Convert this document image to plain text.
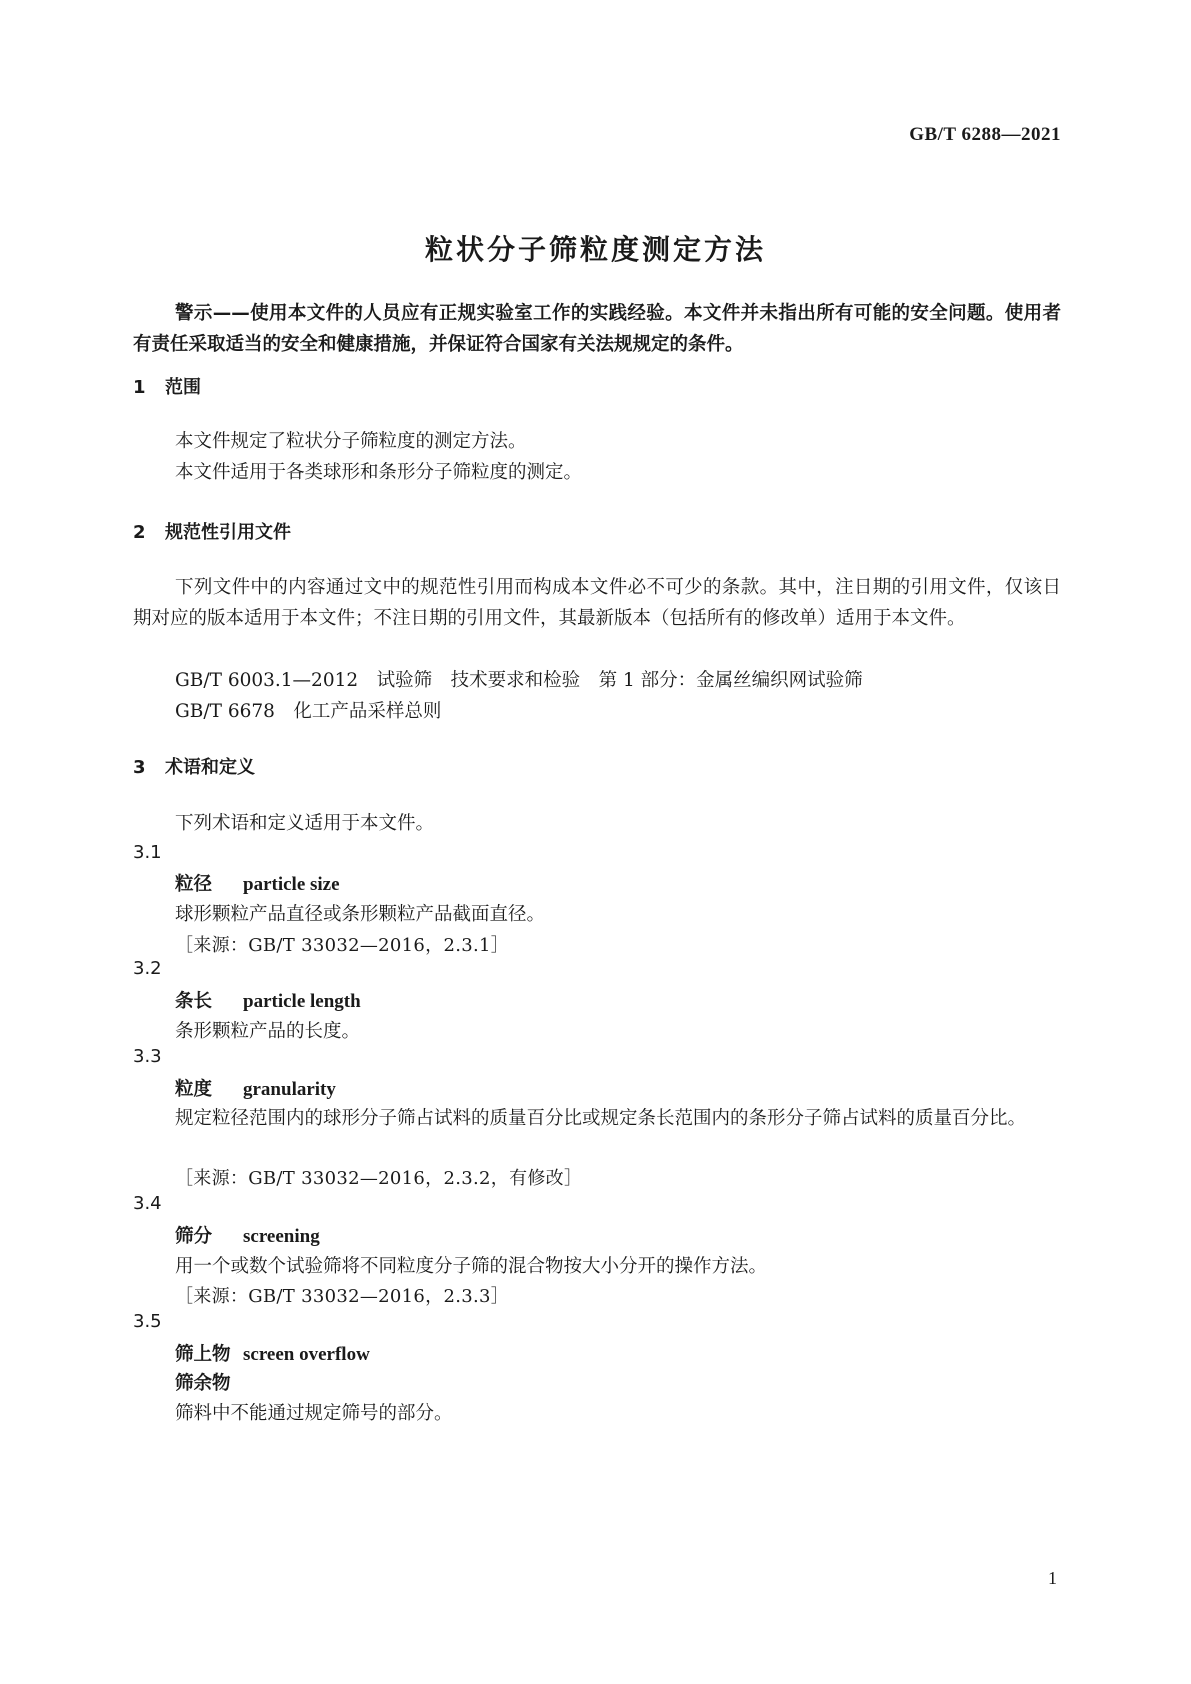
GB/T 6288—2021
粒状分子筛粒度测定方法
警示——使用本文件的人员应有正规实验室工作的实践经验。本文件并未指出所有可能的安全问题。使用者有责任采取适当的安全和健康措施，并保证符合国家有关法规规定的条件。
1 范围
本文件规定了粒状分子筛粒度的测定方法。
本文件适用于各类球形和条形分子筛粒度的测定。
2 规范性引用文件
下列文件中的内容通过文中的规范性引用而构成本文件必不可少的条款。其中，注日期的引用文件，仅该日期对应的版本适用于本文件；不注日期的引用文件，其最新版本（包括所有的修改单）适用于本文件。
GB/T 6003.1—2012　试验筛　技术要求和检验　第 1 部分：金属丝编织网试验筛
GB/T 6678　化工产品采样总则
3 术语和定义
下列术语和定义适用于本文件。
3.1
粒径 particle size
球形颗粒产品直径或条形颗粒产品截面直径。
［来源：GB/T 33032—2016，2.3.1］
3.2
条长 particle length
条形颗粒产品的长度。
3.3
粒度 granularity
规定粒径范围内的球形分子筛占试料的质量百分比或规定条长范围内的条形分子筛占试料的质量百分比。
［来源：GB/T 33032—2016，2.3.2，有修改］
3.4
筛分 screening
用一个或数个试验筛将不同粒度分子筛的混合物按大小分开的操作方法。
［来源：GB/T 33032—2016，2.3.3］
3.5
筛上物 screen overflow
筛余物
筛料中不能通过规定筛号的部分。
1
